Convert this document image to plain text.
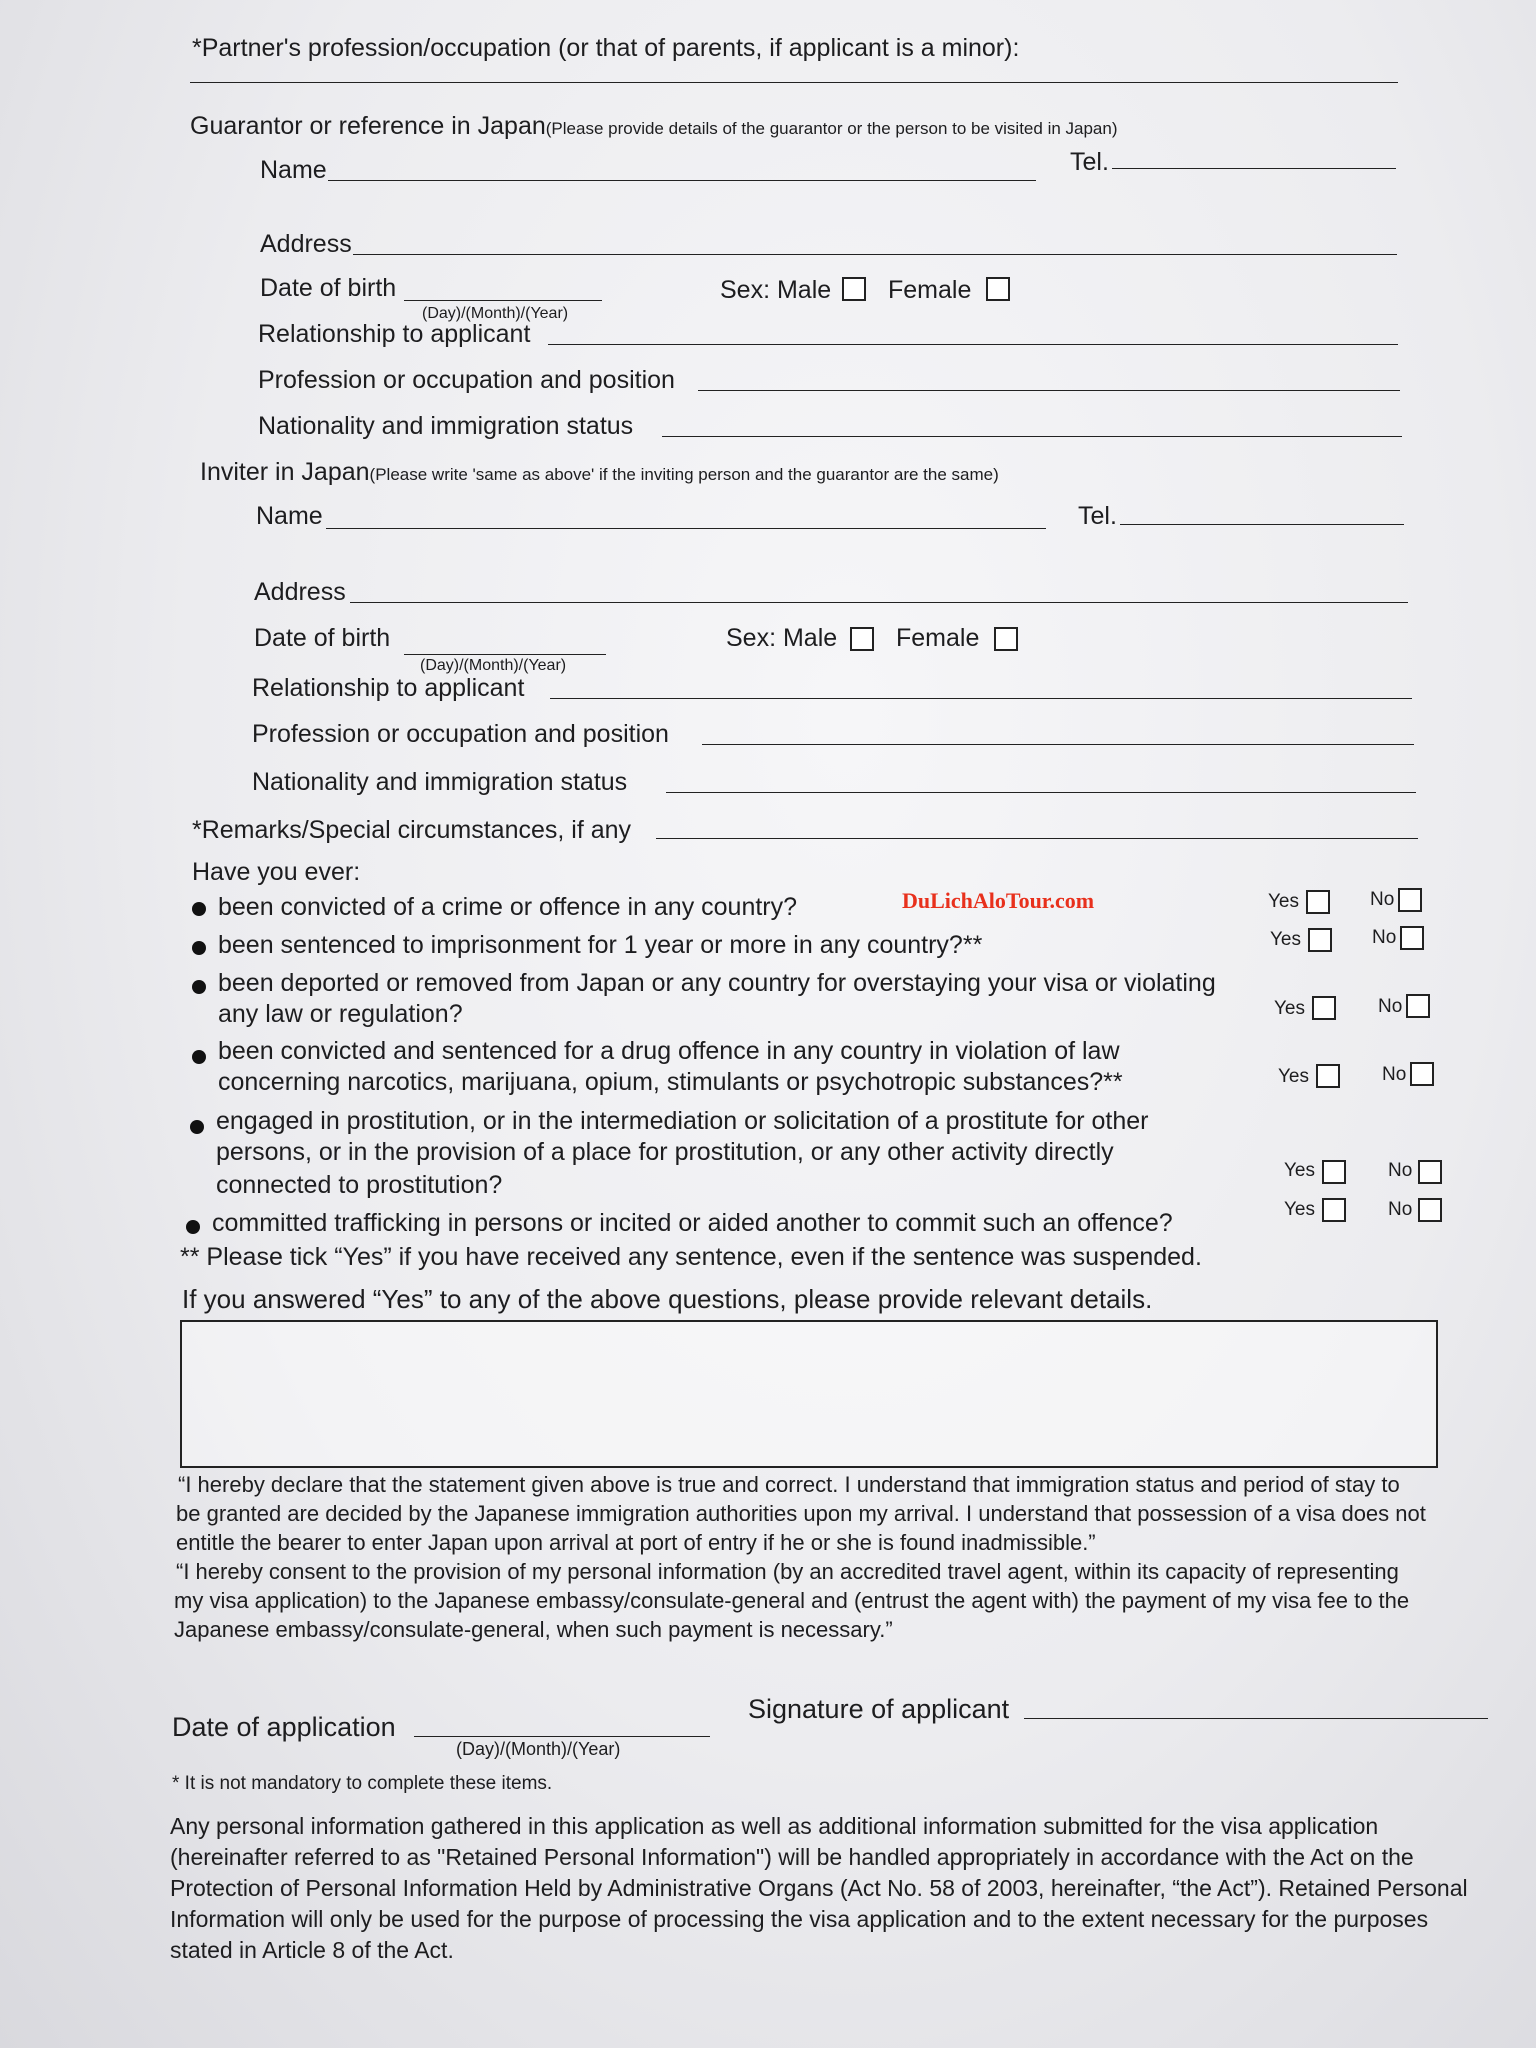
*Partner's profession/occupation (or that of parents, if applicant is a minor):
Guarantor or reference in Japan(Please provide details of the guarantor or the person to be visited in Japan)
Name	Tel.
Address
Date of birth
(Day)/(Month)/(Year)
Sex: Male Female
Relationship to applicant
Profession or occupation and position
Nationality and immigration status
Inviter in Japan(Please write 'same as above' if the inviting person and the guarantor are the same)
Name	Tel.
Address
Date of birth
(Day)/(Month)/(Year)
Sex: Male Female
Relationship to applicant
Profession or occupation and position
Nationality and immigration status
*Remarks/Special circumstances, if any
Have you ever:
DuLichAloTour.com
been convicted of a crime or offence in any country?	Yes	No
been sentenced to imprisonment for 1 year or more in any country?**	Yes	No
been deported or removed from Japan or any country for overstaying your visa or violating
any law or regulation?	Yes	No
been convicted and sentenced for a drug offence in any country in violation of law
concerning narcotics, marijuana, opium, stimulants or psychotropic substances?**	Yes	No
engaged in prostitution, or in the intermediation or solicitation of a prostitute for other
persons, or in the provision of a place for prostitution, or any other activity directly
connected to prostitution?
Yes	No
committed trafficking in persons or incited or aided another to commit such an offence?	Yes	No
** Please tick “Yes” if you have received any sentence, even if the sentence was suspended.
If you answered “Yes” to any of the above questions, please provide relevant details.
“I hereby declare that the statement given above is true and correct. I understand that immigration status and period of stay to
be granted are decided by the Japanese immigration authorities upon my arrival. I understand that possession of a visa does not
entitle the bearer to enter Japan upon arrival at port of entry if he or she is found inadmissible.”
“I hereby consent to the provision of my personal information (by an accredited travel agent, within its capacity of representing
my visa application) to the Japanese embassy/consulate-general and (entrust the agent with) the payment of my visa fee to the
Japanese embassy/consulate-general, when such payment is necessary.”
Date of application
(Day)/(Month)/(Year)
Signature of applicant
* It is not mandatory to complete these items.
Any personal information gathered in this application as well as additional information submitted for the visa application
(hereinafter referred to as "Retained Personal Information") will be handled appropriately in accordance with the Act on the
Protection of Personal Information Held by Administrative Organs (Act No. 58 of 2003, hereinafter, “the Act”). Retained Personal
Information will only be used for the purpose of processing the visa application and to the extent necessary for the purposes
stated in Article 8 of the Act.
